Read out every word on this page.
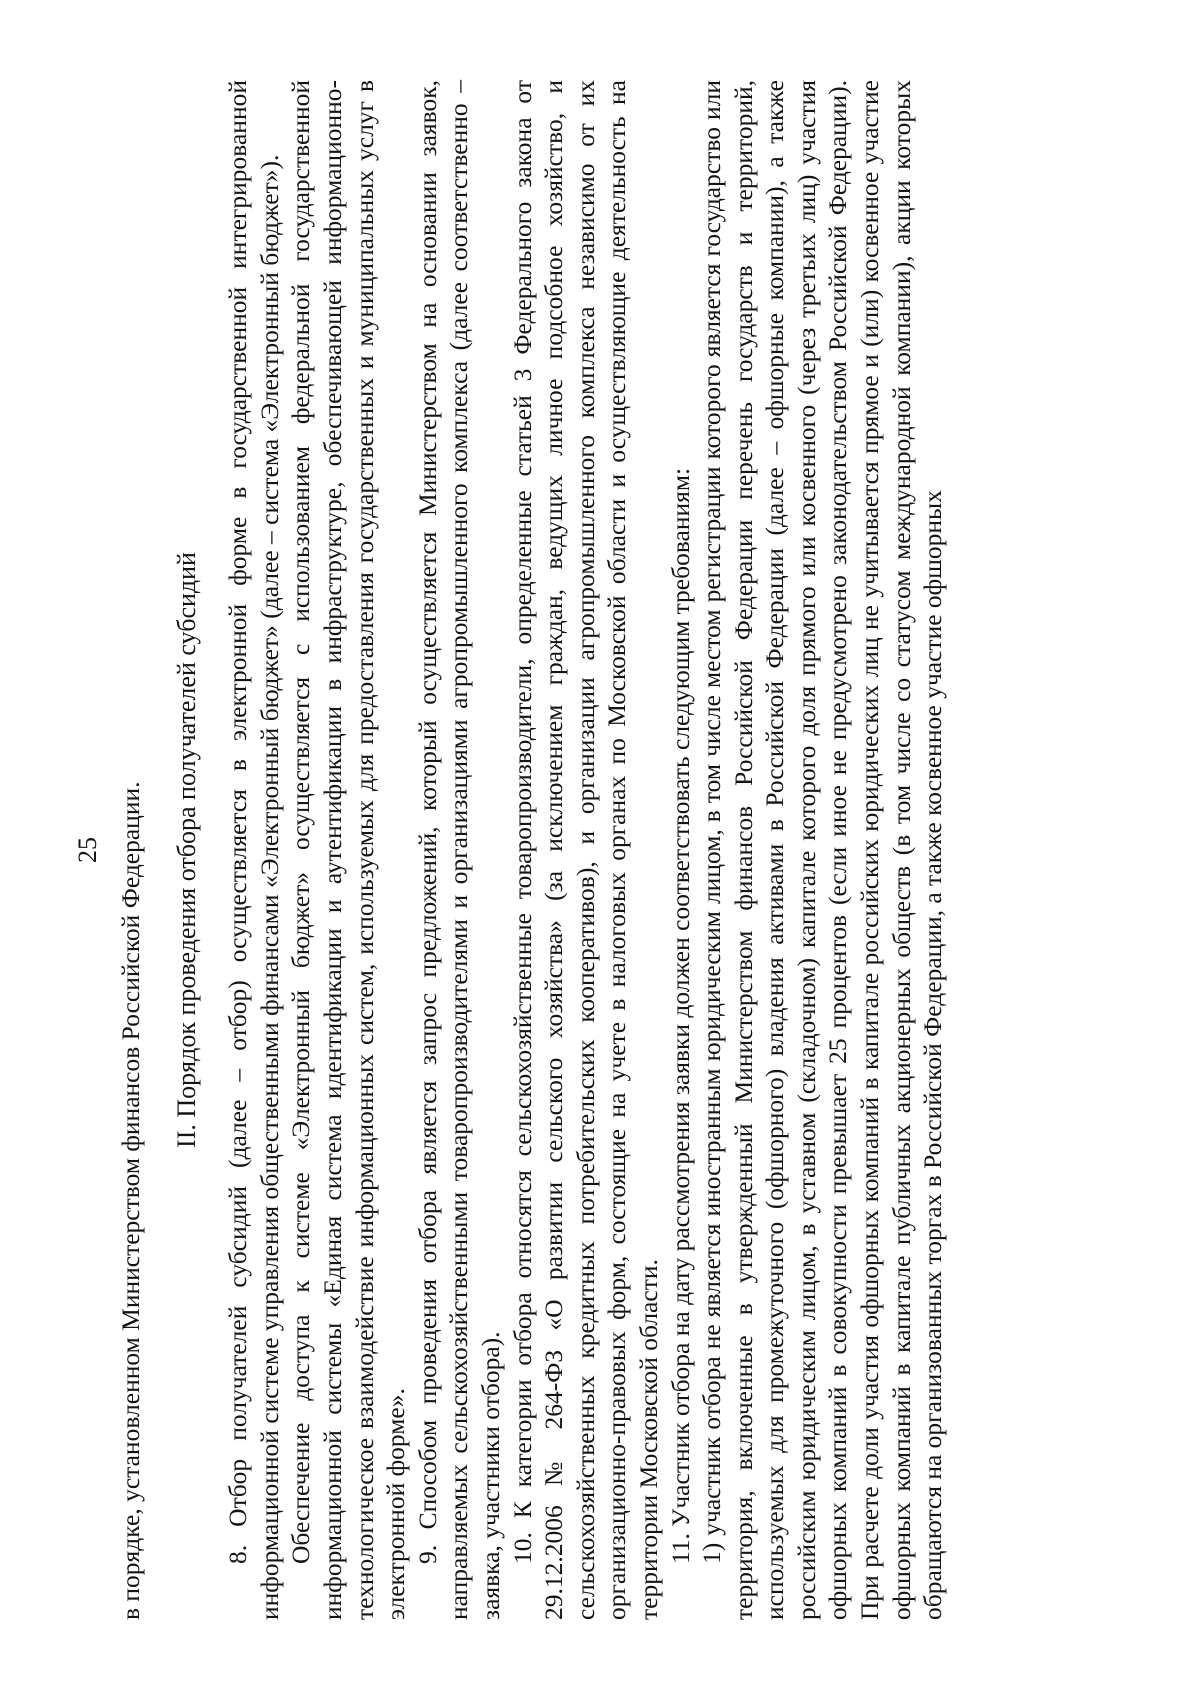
25 в порядке, установленном Министерством финансов Российской Федерации. II. Порядок проведения отбора получателей субсидий 8. Отбор получателей субсидий (далее – отбор) осуществляется в электронной форме в государственной интегрированной информационной системе управления общественными финансами «Электронный бюджет» (далее – система «Электронный бюджет»). Обеспечение доступа к системе «Электронный бюджет» осуществляется с использованием федеральной государственной информационной системы «Единая система идентификации и аутентификации в инфраструктуре, обеспечивающей информационно-технологическое взаимодействие информационных систем, используемых для предоставления государственных и муниципальных услуг в электронной форме». 9. Способом проведения отбора является запрос предложений, который осуществляется Министерством на основании заявок, направляемых сельскохозяйственными товаропроизводителями и организациями агропромышленного комплекса (далее соответственно – заявка, участники отбора). 10. К категории отбора относятся сельскохозяйственные товаропроизводители, определенные статьей 3 Федерального закона от 29.12.2006 № 264-ФЗ «О развитии сельского хозяйства» (за исключением граждан, ведущих личное подсобное хозяйство, и сельскохозяйственных кредитных потребительских кооперативов), и организации агропромышленного комплекса независимо от их организационно-правовых форм, состоящие на учете в налоговых органах по Московской области и осуществляющие деятельность на территории Московской области. 11. Участник отбора на дату рассмотрения заявки должен соответствовать следующим требованиям: 1) участник отбора не является иностранным юридическим лицом, в том числе местом регистрации которого является государство или территория, включенные в утвержденный Министерством финансов Российской Федерации перечень государств и территорий, используемых для промежуточного (офшорного) владения активами в Российской Федерации (далее – офшорные компании), а также российским юридическим лицом, в уставном (складочном) капитале которого доля прямого или косвенного (через третьих лиц) участия офшорных компаний в совокупности превышает 25 процентов (если иное не предусмотрено законодательством Российской Федерации). При расчете доли участия офшорных компаний в капитале российских юридических лиц не учитывается прямое и (или) косвенное участие офшорных компаний в капитале публичных акционерных обществ (в том числе со статусом международной компании), акции которых обращаются на организованных торгах в Российской Федерации, а также косвенное участие офшорных
